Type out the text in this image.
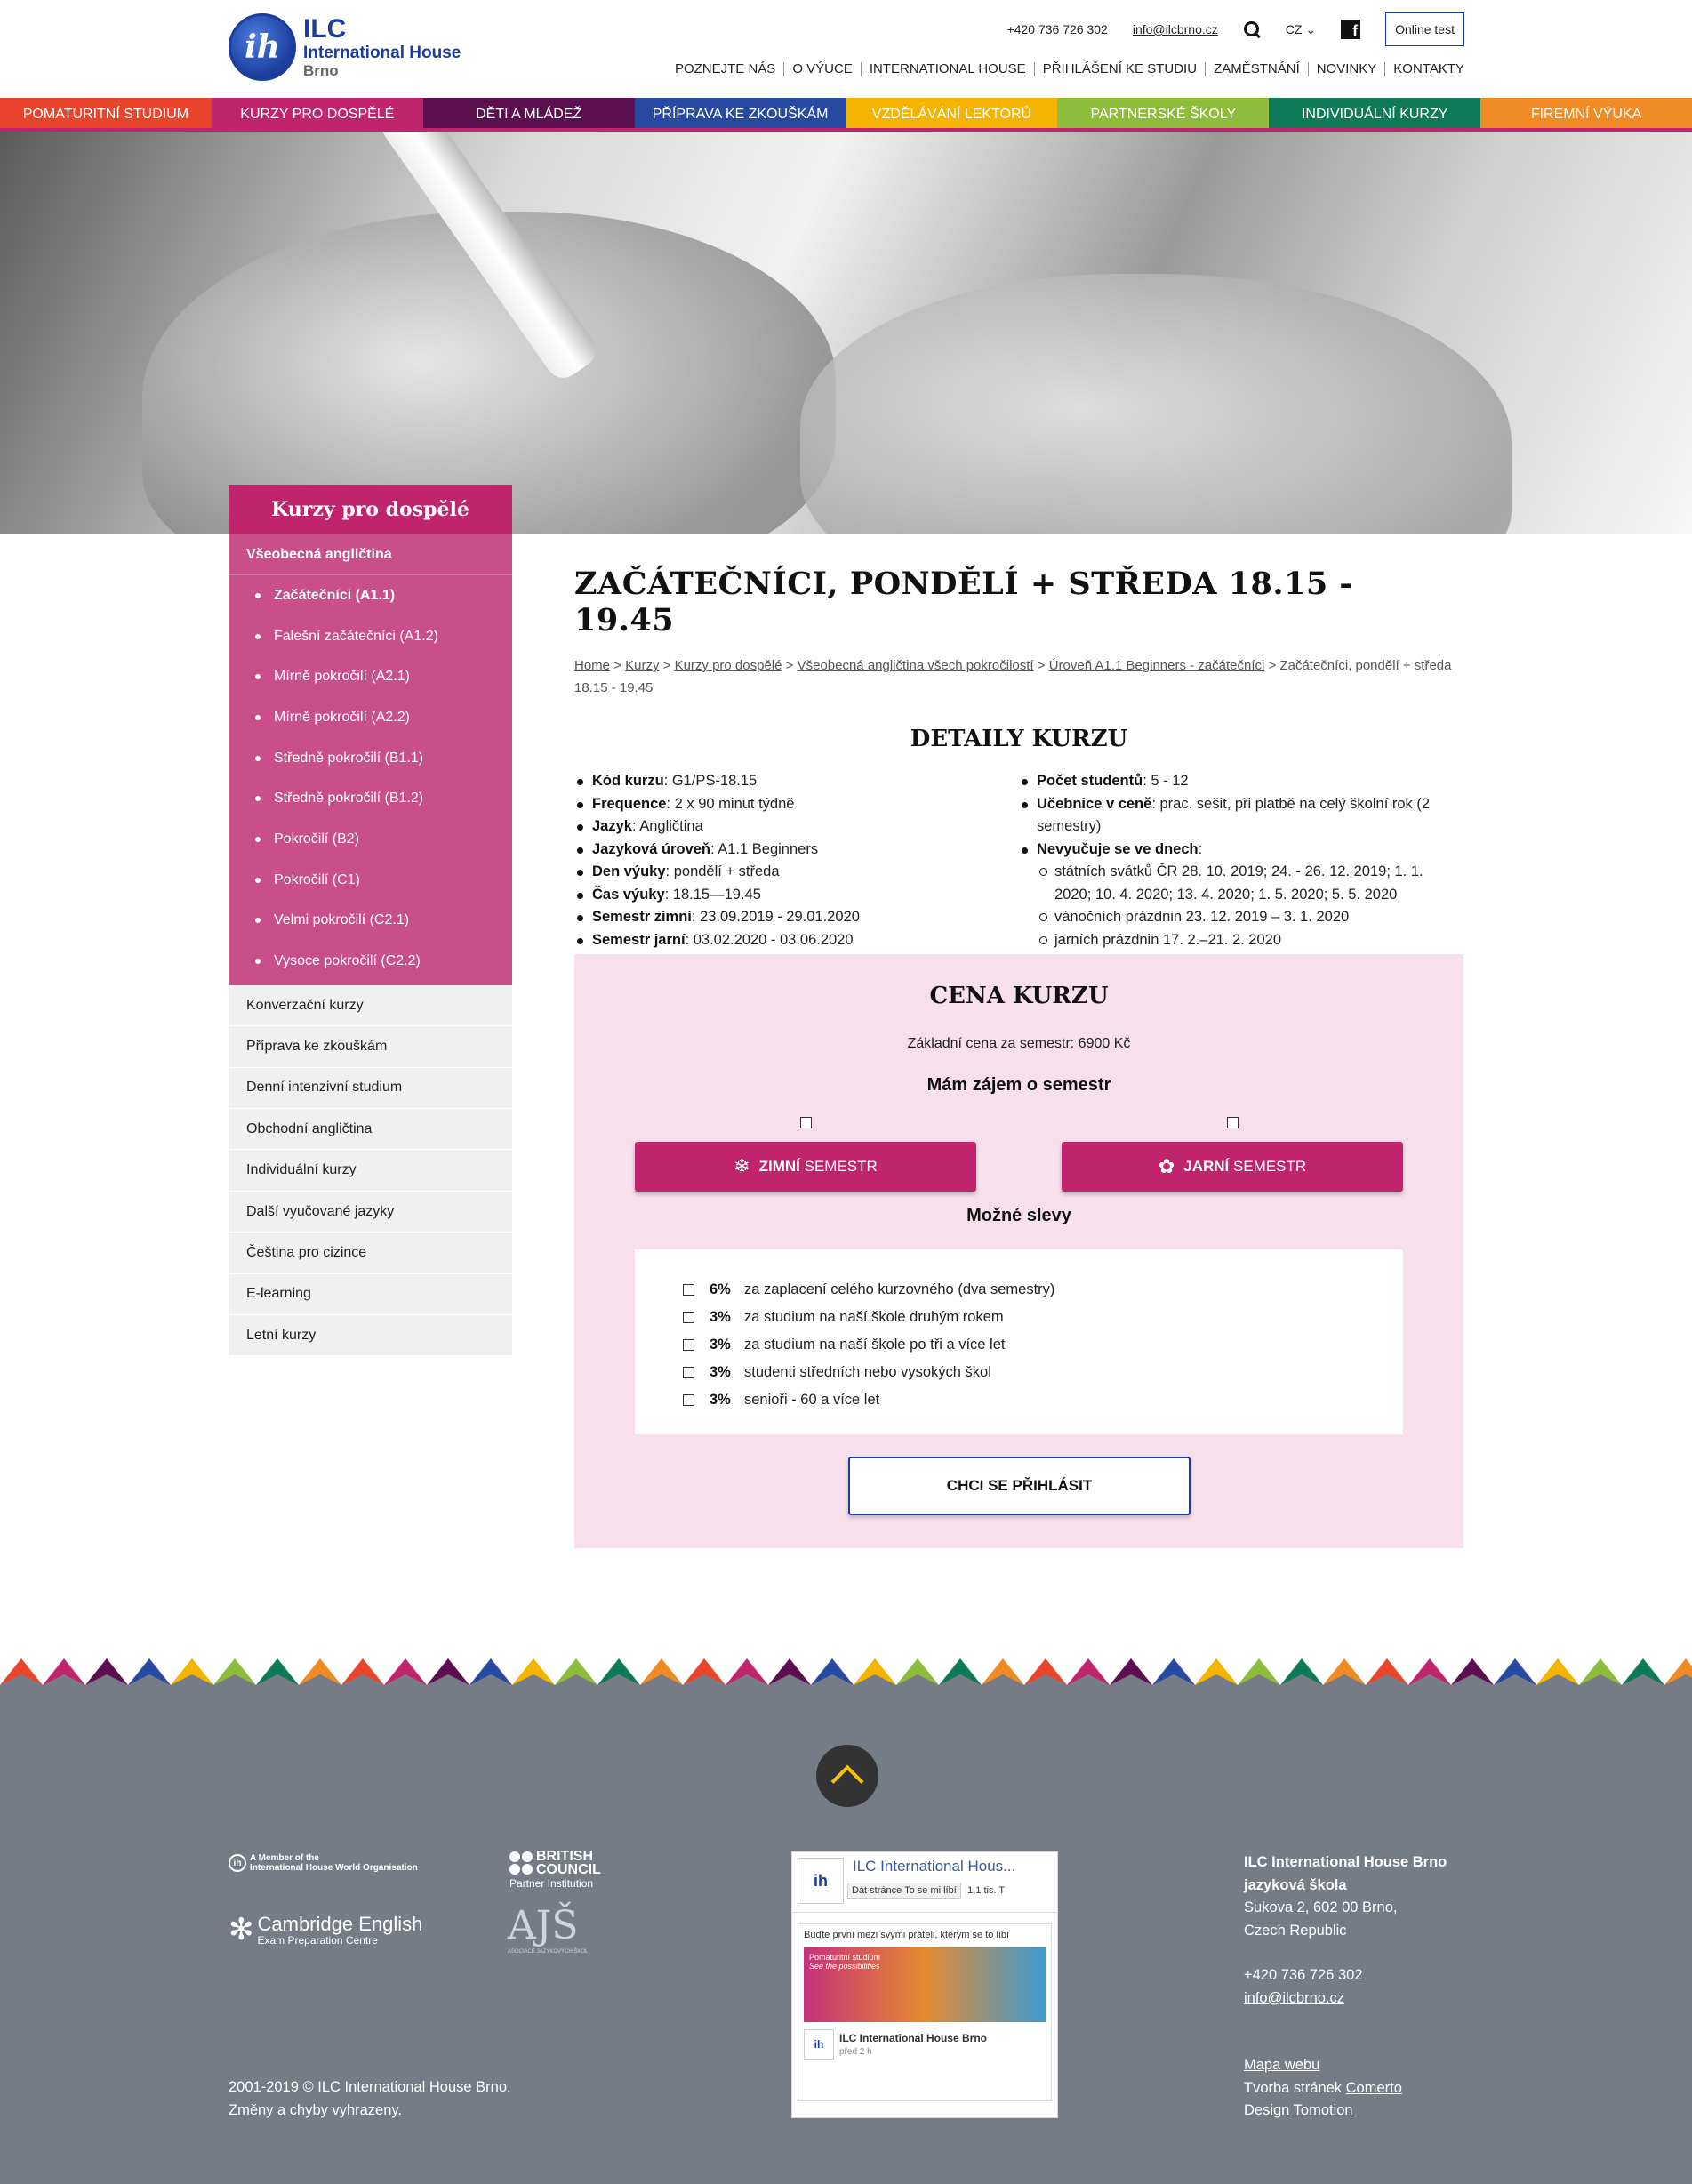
ih ILC
International House
Brno
+420 736 726 302 info@ilcbrno.cz	CZ ⌄	f	Online test
POZNEJTE NÁS	O VÝUCE	INTERNATIONAL HOUSE	PŘIHLÁŠENÍ KE STUDIU	ZAMĚSTNÁNÍ	NOVINKY	KONTAKTY
POMATURITNÍ STUDIUM	KURZY PRO DOSPĚLÉ	DĚTI A MLÁDEŽ	PŘÍPRAVA KE ZKOUŠKÁM	VZDĚLÁVÁNÍ LEKTORŮ	PARTNERSKÉ ŠKOLY	INDIVIDUÁLNÍ KURZY	FIREMNÍ VÝUKA
Kurzy pro dospělé
Všeobecná angličtina
Začátečníci (A1.1)
Falešní začátečníci (A1.2)
Mírně pokročilí (A2.1)
Mírně pokročilí (A2.2)
Středně pokročilí (B1.1)
Středně pokročilí (B1.2)
Pokročilí (B2)
Pokročilí (C1)
Velmi pokročilí (C2.1)
Vysoce pokročilí (C2.2)
Konverzační kurzy
Příprava ke zkouškám
Denní intenzivní studium
Obchodní angličtina
Individuální kurzy
Další vyučované jazyky
Čeština pro cizince
E-learning
Letní kurzy
ZAČÁTEČNÍCI, PONDĚLÍ + STŘEDA 18.15 - 19.45
Home > Kurzy > Kurzy pro dospělé > Všeobecná angličtina všech pokročilostí > Úroveň A1.1 Beginners - začátečníci > Začátečníci, pondělí + středa 18.15 - 19.45
DETAILY KURZU
Kód kurzu: G1/PS-18.15
Frequence: 2 x 90 minut týdně
Jazyk: Angličtina
Jazyková úroveň: A1.1 Beginners
Den výuky: pondělí + středa
Čas výuky: 18.15—19.45
Semestr zimní: 23.09.2019 - 29.01.2020
Semestr jarní: 03.02.2020 - 03.06.2020
Počet studentů: 5 - 12
Učebnice v ceně: prac. sešit, při platbě na celý školní rok (2 semestry)
Nevyučuje se ve dnech:
státních svátků ČR 28. 10. 2019; 24. - 26. 12. 2019; 1. 1. 2020; 10. 4. 2020; 13. 4. 2020; 1. 5. 2020; 5. 5. 2020
vánočních prázdnin 23. 12. 2019 – 3. 1. 2020
jarních prázdnin 17. 2.–21. 2. 2020
CENA KURZU
Základní cena za semestr: 6900 Kč
Mám zájem o semestr
❄ ZIMNÍ SEMESTR	✿ JARNÍ SEMESTR
Možné slevy
6% za zaplacení celého kurzovného (dva semestry)
3% za studium na naší škole druhým rokem
3% za studium na naší škole po tři a více let
3% studenti středních nebo vysokých škol
3% senioři - 60 a více let
CHCI SE PŘIHLÁSIT
ih A Member of the
International House World Organisation
BRITISH
COUNCIL
Partner Institution
✻ Cambridge English
Exam Preparation Centre	AJŠ
ASOCIACE JAZYKOVÝCH ŠKOL
ih
ILC International Hous...
Dát stránce To se mi líbí 1,1 tis. T
Buďte první mezi svými přáteli, kterým se to líbí
Pomaturitní studium
See the possibilities
ih	ILC International House Brno
před 2 h
ILC International House Brno
jazyková škola
Sukova 2, 602 00 Brno,
Czech Republic
+420 736 726 302
info@ilcbrno.cz
2001-2019 © ILC International House Brno.
Změny a chyby vyhrazeny.
Mapa webu
Tvorba stránek Comerto
Design Tomotion
